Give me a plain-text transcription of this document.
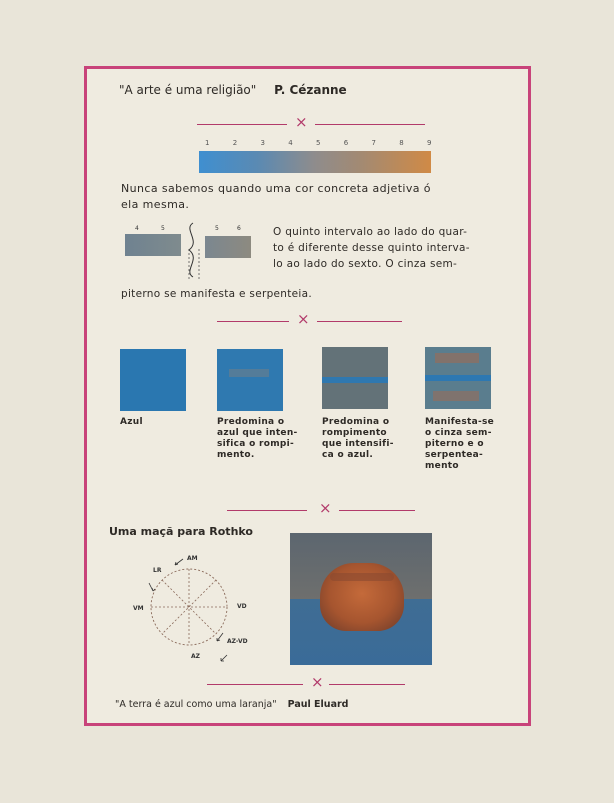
"A arte é uma religião" P. Cézanne
×
1	2	3	4	5	6	7	8	9
Nunca sabemos quando uma cor concreta adjetiva ó
ela mesma.
4	5	5	6	O quinto intervalo ao lado do quar-
to é diferente desse quinto interva-
lo ao lado do sexto. O cinza sem-
piterno se manifesta e serpenteia.
×
Azul	Predomina o
azul que inten-
sifica o rompi-
mento.
Predomina o
rompimento
que intensifi-
ca o azul.
Manifesta-se
o cinza sem-
piterno e o
serpentea-
mento
×
Uma maçã para Rothko
AM
LR
VM	VD
AZ-VD
AZ
×
"A terra é azul como uma laranja" Paul Eluard
